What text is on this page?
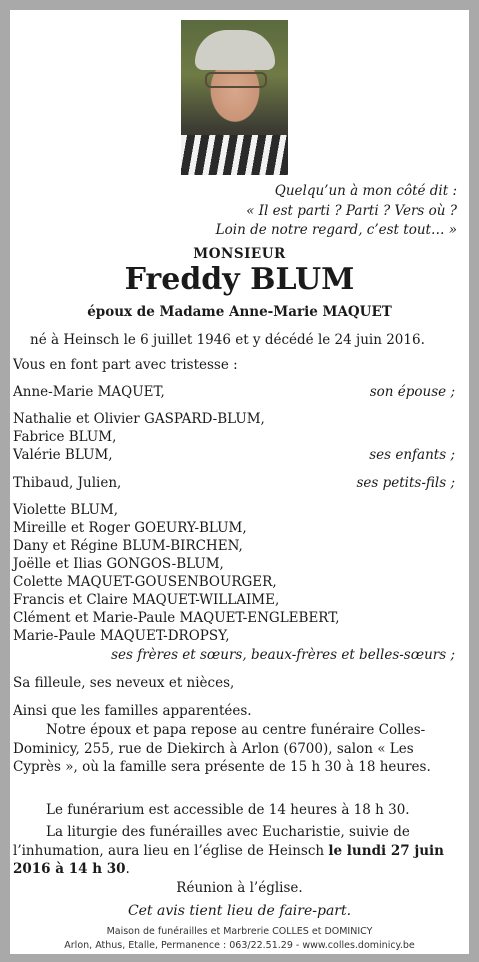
Quelqu’un à mon côté dit :
« Il est parti ? Parti ? Vers où ?
Loin de notre regard, c’est tout… »
MONSIEUR
Freddy BLUM
époux de Madame Anne-Marie MAQUET
né à Heinsch le 6 juillet 1946 et y décédé le 24 juin 2016.
Vous en font part avec tristesse :
Anne-Marie MAQUET,	son épouse ;
Nathalie et Olivier GASPARD-BLUM,
Fabrice BLUM,
Valérie BLUM,	ses enfants ;
Thibaud, Julien,	ses petits-fils ;
Violette BLUM,
Mireille et Roger GOEURY-BLUM,
Dany et Régine BLUM-BIRCHEN,
Joëlle et Ilias GONGOS-BLUM,
Colette MAQUET-GOUSENBOURGER,
Francis et Claire MAQUET-WILLAIME,
Clément et Marie-Paule MAQUET-ENGLEBERT,
Marie-Paule MAQUET-DROPSY,
ses frères et sœurs, beaux-frères et belles-sœurs ;
Sa filleule, ses neveux et nièces,
Ainsi que les familles apparentées.
Notre époux et papa repose au centre funéraire Colles-Dominicy, 255, rue de Diekirch à Arlon (6700), salon « Les Cyprès », où la famille sera présente de 15 h 30 à 18 heures.
Le funérarium est accessible de 14 heures à 18 h 30.
La liturgie des funérailles avec Eucharistie, suivie de l’inhumation, aura lieu en l’église de Heinsch le lundi 27 juin 2016 à 14 h 30.
Réunion à l’église.
Cet avis tient lieu de faire-part.
Maison de funérailles et Marbrerie COLLES et DOMINICY
Arlon, Athus, Etalle, Permanence : 063/22.51.29 - www.colles.dominicy.be
